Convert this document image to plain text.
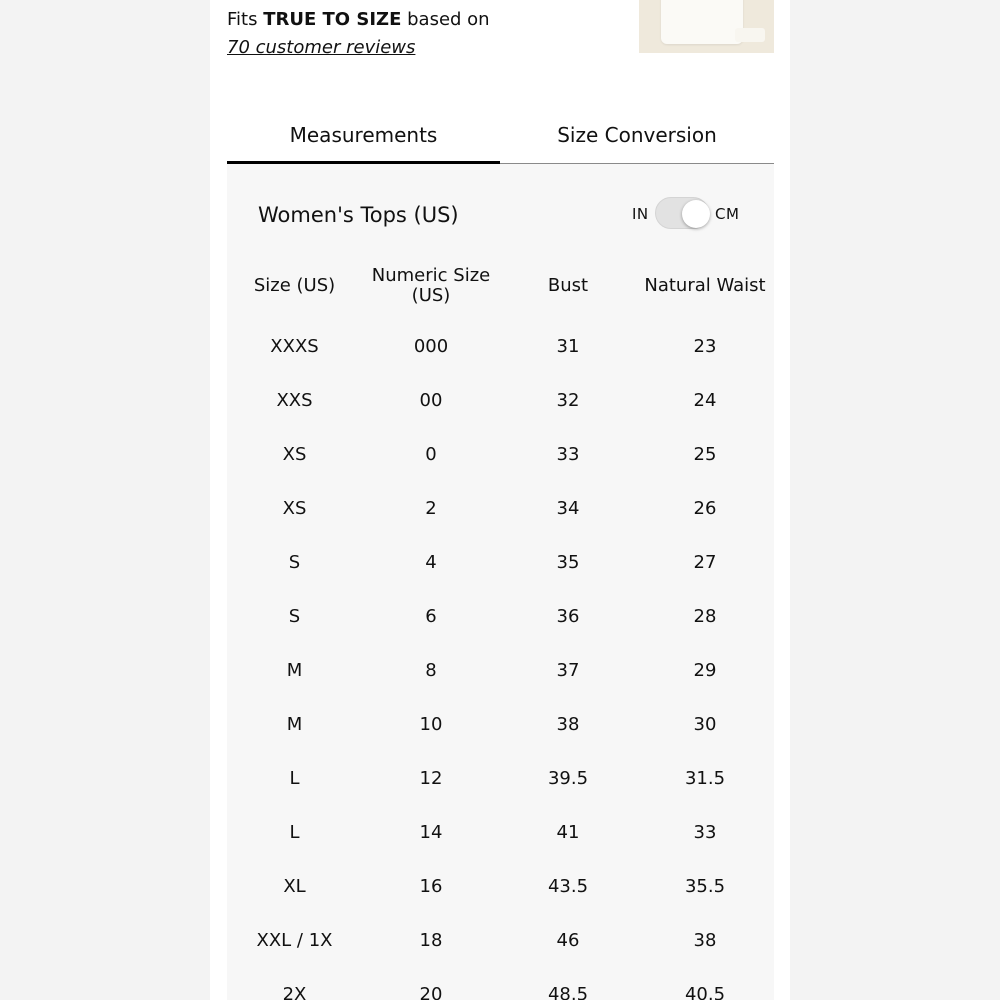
Fits TRUE TO SIZE based on
70 customer reviews
Measurements	Size Conversion
Women's Tops (US)	IN	CM
Size (US)	Numeric Size (US)	Bust	Natural Waist
XXXS	000	31	23
XXS	00	32	24
XS	0	33	25
XS	2	34	26
S	4	35	27
S	6	36	28
M	8	37	29
M	10	38	30
L	12	39.5	31.5
L	14	41	33
XL	16	43.5	35.5
XXL / 1X	18	46	38
2X	20	48.5	40.5
